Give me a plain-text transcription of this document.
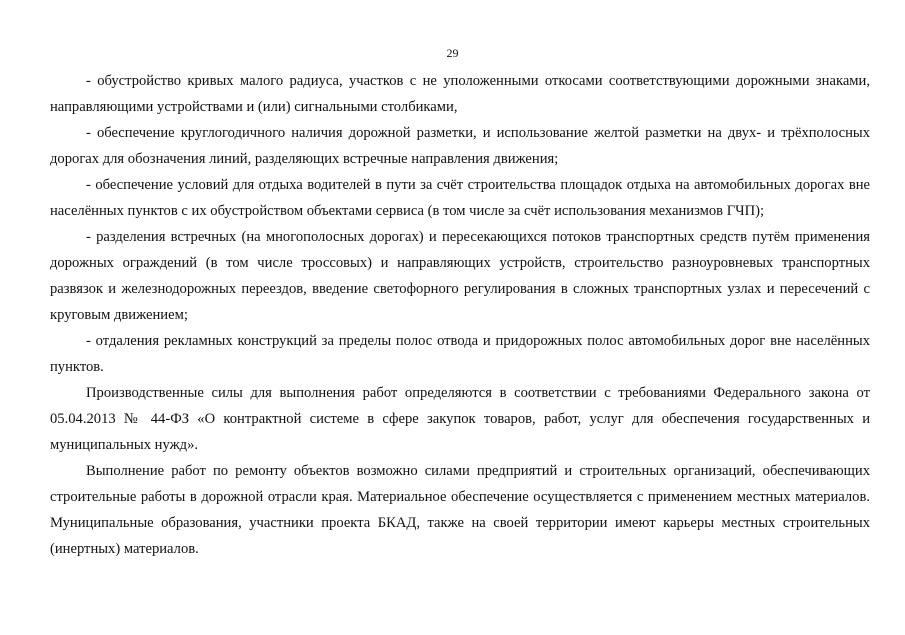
29

- обустройство кривых малого радиуса, участков с не уположенными откосами соответствующими дорожными знаками, направляющими устройствами и (или) сигнальными столбиками,

- обеспечение круглогодичного наличия дорожной разметки, и использование желтой разметки на двух- и трёхполосных дорогах для обозначения линий, разделяющих встречные направления движения;

- обеспечение условий для отдыха водителей в пути за счёт строительства площадок отдыха на автомобильных дорогах вне населённых пунктов с их обустройством объектами сервиса (в том числе за счёт использования механизмов ГЧП);

- разделения встречных (на многополосных дорогах) и пересекающихся потоков транспортных средств путём применения дорожных ограждений (в том числе тросcовых) и направляющих устройств, строительство разноуровневых транспортных развязок и железнодорожных переездов, введение светофорного регулирования в сложных транспортных узлах и пересечений с круговым движением;

- отдаления рекламных конструкций за пределы полос отвода и придорожных полос автомобильных дорог вне населённых пунктов.

Производственные силы для выполнения работ определяются в соответствии с требованиями Федерального закона от 05.04.2013 № 44-ФЗ «О контрактной системе в сфере закупок товаров, работ, услуг для обеспечения государственных и муниципальных нужд».

Выполнение работ по ремонту объектов возможно силами предприятий и строительных организаций, обеспечивающих строительные работы в дорожной отрасли края. Материальное обеспечение осуществляется с применением местных материалов. Муниципальные образования, участники проекта БКАД, также на своей территории имеют карьеры местных строительных (инертных) материалов.
